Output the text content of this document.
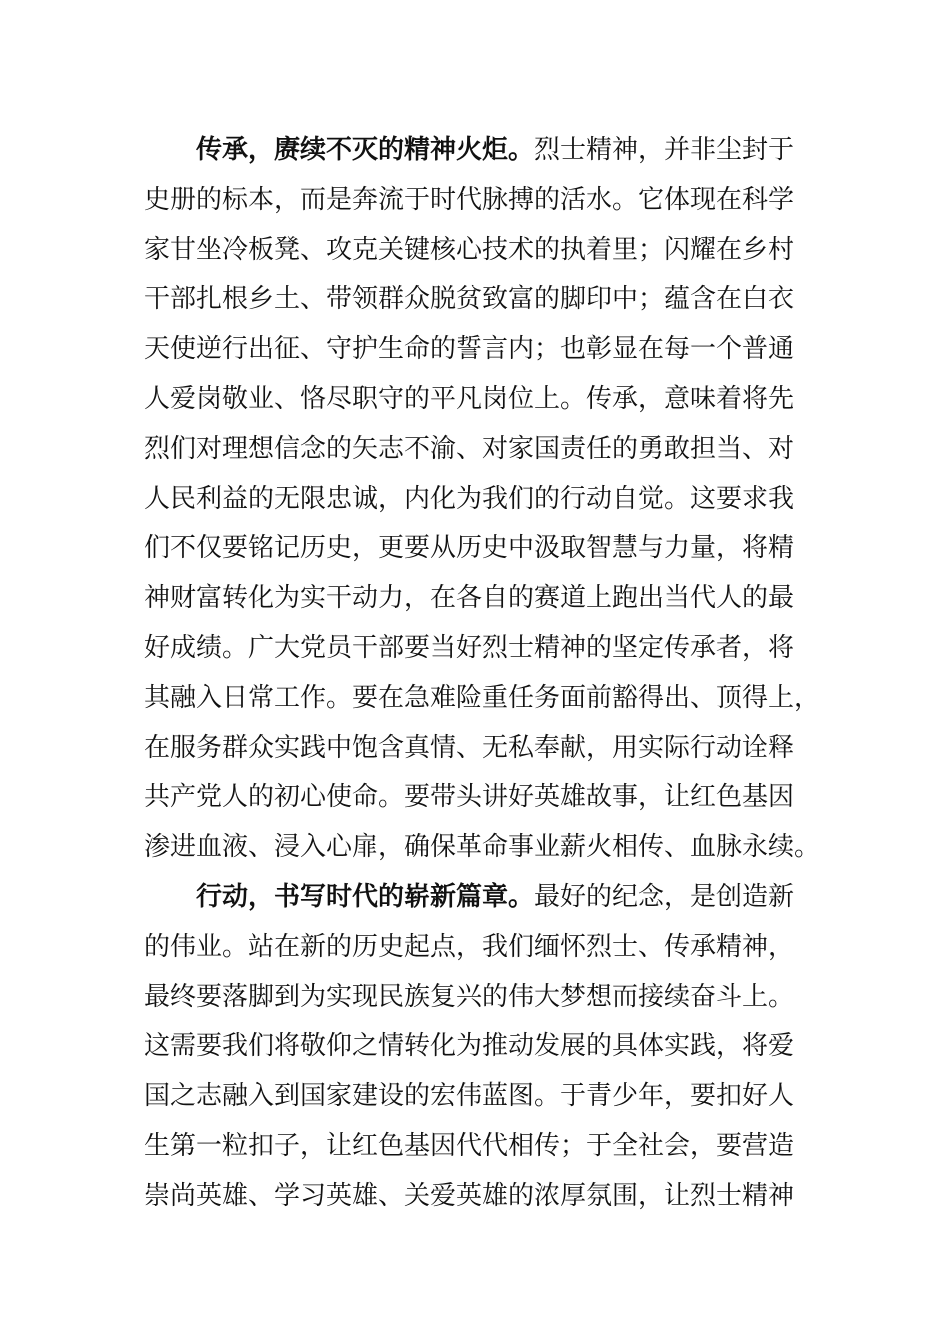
传承，赓续不灭的精神火炬。烈士精神，并非尘封于
史册的标本，而是奔流于时代脉搏的活水。它体现在科学
家甘坐冷板凳、攻克关键核心技术的执着里；闪耀在乡村
干部扎根乡土、带领群众脱贫致富的脚印中；蕴含在白衣
天使逆行出征、守护生命的誓言内；也彰显在每一个普通
人爱岗敬业、恪尽职守的平凡岗位上。传承，意味着将先
烈们对理想信念的矢志不渝、对家国责任的勇敢担当、对
人民利益的无限忠诚，内化为我们的行动自觉。这要求我
们不仅要铭记历史，更要从历史中汲取智慧与力量，将精
神财富转化为实干动力，在各自的赛道上跑出当代人的最
好成绩。广大党员干部要当好烈士精神的坚定传承者，将
其融入日常工作。要在急难险重任务面前豁得出、顶得上，
在服务群众实践中饱含真情、无私奉献，用实际行动诠释
共产党人的初心使命。要带头讲好英雄故事，让红色基因
渗进血液、浸入心扉，确保革命事业薪火相传、血脉永续。
行动，书写时代的崭新篇章。最好的纪念，是创造新
的伟业。站在新的历史起点，我们缅怀烈士、传承精神，
最终要落脚到为实现民族复兴的伟大梦想而接续奋斗上。
这需要我们将敬仰之情转化为推动发展的具体实践，将爱
国之志融入到国家建设的宏伟蓝图。于青少年，要扣好人
生第一粒扣子，让红色基因代代相传；于全社会，要营造
崇尚英雄、学习英雄、关爱英雄的浓厚氛围，让烈士精神
